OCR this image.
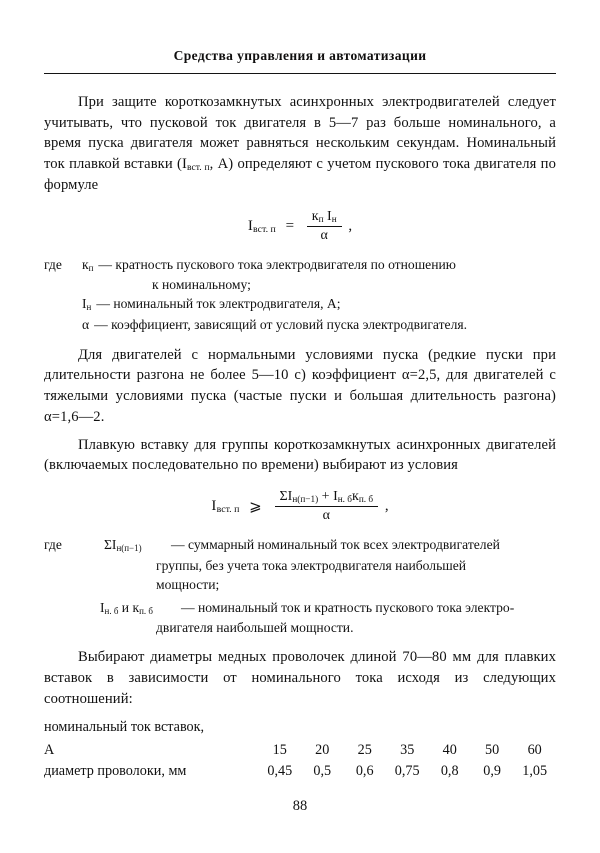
Средства управления и автоматизации

При защите короткозамкнутых асинхронных электродвигателей следует учитывать, что пусковой ток двигателя в 5—7 раз больше номинального, а время пуска двигателя может равняться нескольким секундам. Номинальный ток плавкой вставки ($I_{вст. п}$, А) определяют с учетом пускового тока двигателя по формуле

$I_{вст. п} = \frac{к_п I_н}{\alpha}$ ,
где	$к_п$ — кратность пускового тока электродвигателя по отношению
к номинальному;

$I_н$ — номинальный ток электродвигателя, А;

α — коэффициент, зависящий от условий пуска электродвигателя.

Для двигателей с нормальными условиями пуска (редкие пуски при длительности разгона не более 5—10 с) коэффициент α=2,5, для двигателей с тяжелыми условиями пуска (частые пуски и большая длительность разгона) α=1,6—2.

Плавкую вставку для группы короткозамкнутых асинхронных двигателей (включаемых последовательно по времени) выбирают из условия

$I_{вст. п}$ ⩾ $\frac{\Sigma I_{н(п-1)} + I_{н. б}к_{п. б}}{\alpha}$ ,
где	$\Sigma I_{н(п-1)}$	— суммарный номинальный ток всех электродвигателей
группы, без учета тока электродвигателя наибольшей
мощности;

$I_{н. б}$ и $к_{п. б}$	— номинальный ток и кратность пускового тока электро-
двигателя наибольшей мощности.

Выбирают диаметры медных проволочек длиной 70—80 мм для плавких вставок в зависимости от номинального тока исходя из следующих соотношений:

номинальный ток вставок,
А	15	20	25	35	40	50	60
диаметр проволоки, мм	0,45	0,5	0,6	0,75	0,8	0,9	1,05
88
